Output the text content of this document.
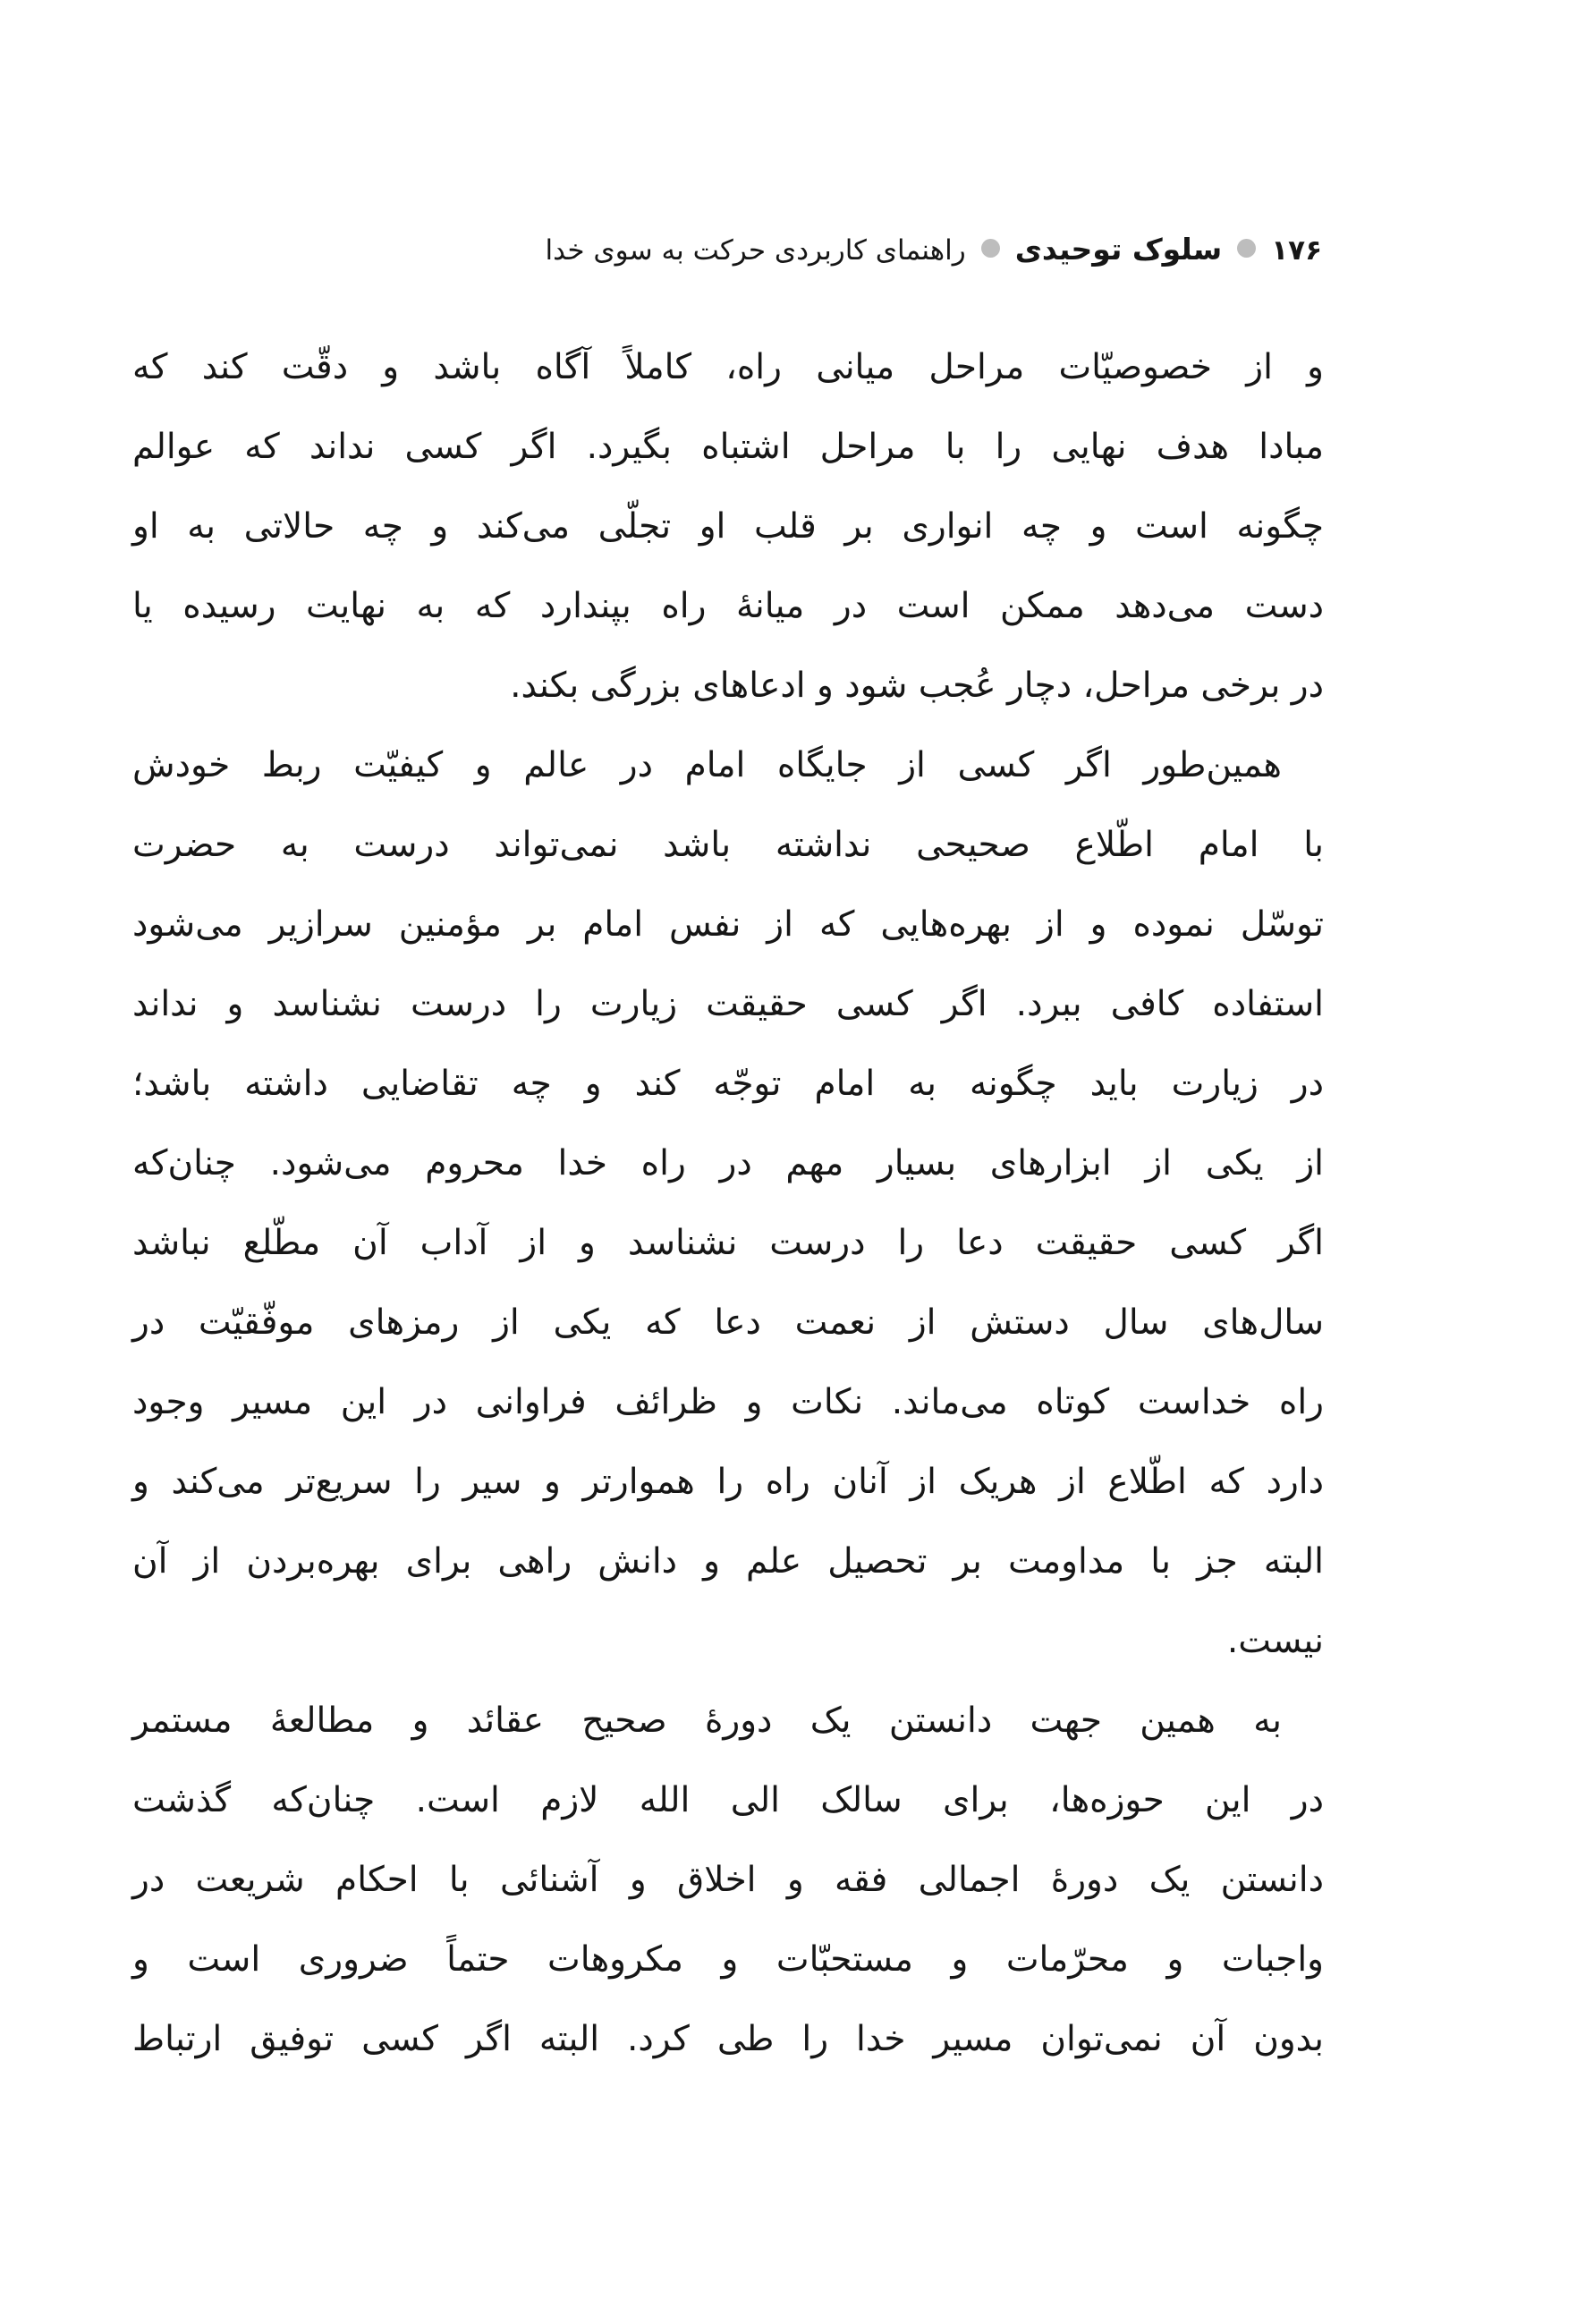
۱۷۶سلوک توحیدیراهنمای کاربردی حرکت به سوی خدا
و از خصوصیّات مراحل میانی راه، کاملاً آگاه باشد و دقّت کند که
مبادا هدف نهایی را با مراحل اشتباه بگیرد. اگر کسی نداند که عوالم
چگونه است و چه انواری بر قلب او تجلّی می‌کند و چه حالاتی به او
دست می‌دهد ممکن است در میانهٔ راه بپندارد که به نهایت رسیده یا
در برخی مراحل، دچار عُجب شود و ادعاهای بزرگی بکند.
همین‌طور اگر کسی از جایگاه امام در عالم و کیفیّت ربط خودش
با امام اطّلاع صحیحی نداشته باشد نمی‌تواند درست به حضرت
توسّل نموده و از بهره‌هایی که از نفس امام بر مؤمنین سرازیر می‌شود
استفاده کافی ببرد. اگر کسی حقیقت زیارت را درست نشناسد و نداند
در زیارت باید چگونه به امام توجّه کند و چه تقاضایی داشته باشد؛
از یکی از ابزارهای بسیار مهم در راه خدا محروم می‌شود. چنان‌که
اگر کسی حقیقت دعا را درست نشناسد و از آداب آن مطّلع نباشد
سال‌های سال دستش از نعمت دعا که یکی از رمزهای موفّقیّت در
راه خداست کوتاه می‌ماند. نکات و ظرائف فراوانی در این مسیر وجود
دارد که اطّلاع از هریک از آنان راه را هموارتر و سیر را سریع‌تر می‌کند و
البته جز با مداومت بر تحصیل علم و دانش راهی برای بهره‌بردن از آن
نیست.
به همین جهت دانستن یک دورهٔ صحیح عقائد و مطالعهٔ مستمر
در این حوزه‌ها، برای سالک الی الله لازم است. چنان‌که گذشت
دانستن یک دورهٔ اجمالی فقه و اخلاق و آشنائی با احکام شریعت در
واجبات و محرّمات و مستحبّات و مکروهات حتماً ضروری است و
بدون آن نمی‌توان مسیر خدا را طی کرد. البته اگر کسی توفیق ارتباط
